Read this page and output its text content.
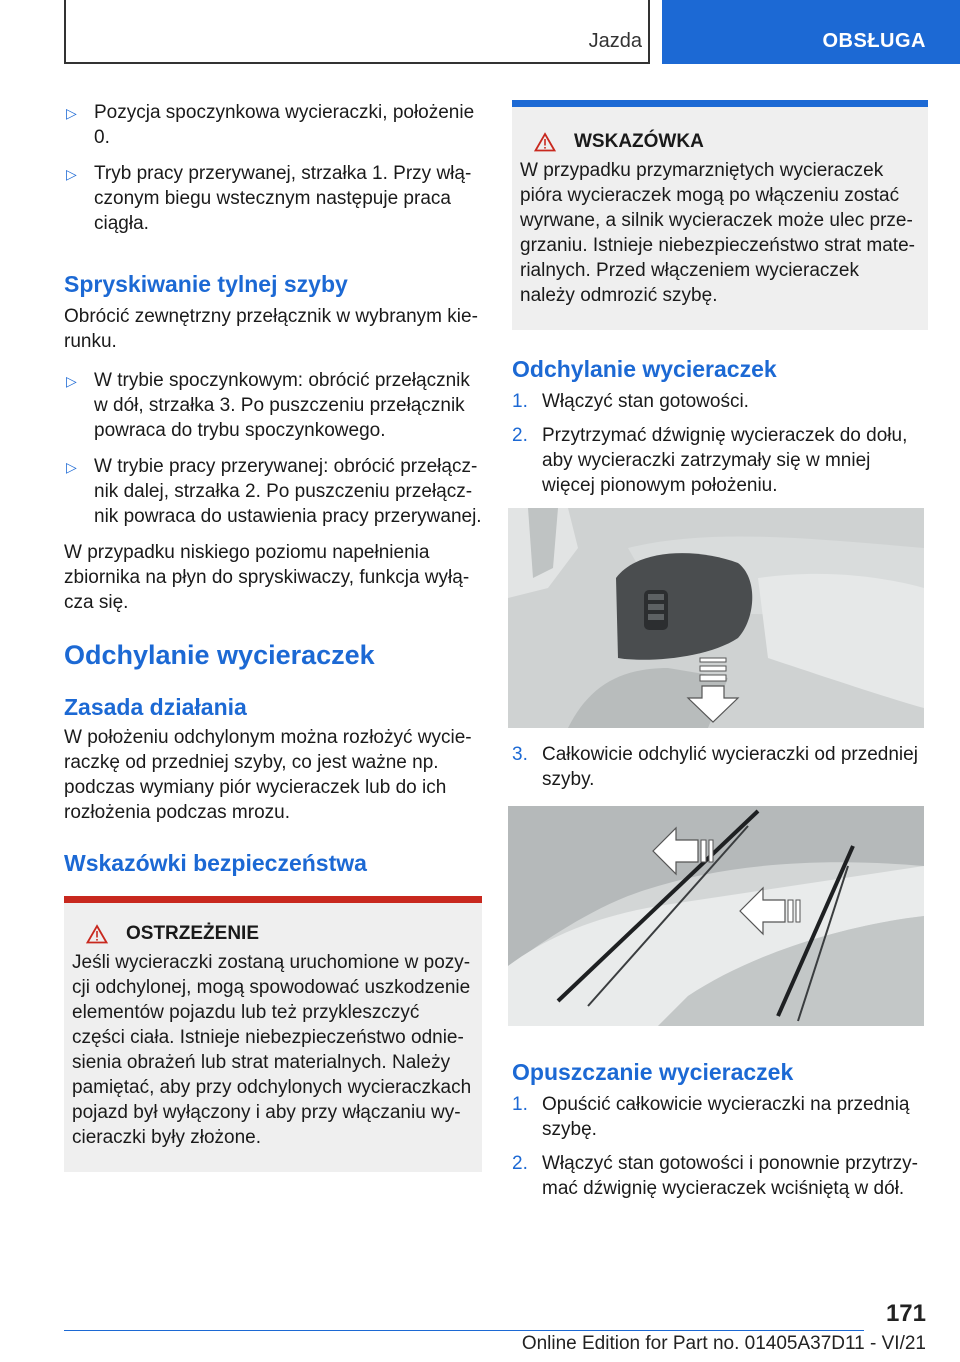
Jazda	OBSŁUGA
▷ Pozycja spoczynkowa wycieraczki, położenie 0.
▷ Tryb pracy przerywanej, strzałka 1. Przy włą‐ czonym biegu wstecznym następuje praca ciągła.
Spryskiwanie tylnej szyby

Obrócić zewnętrzny przełącznik w wybranym kie‐ runku.

▷ W trybie spoczynkowym: obrócić przełącznik w dół, strzałka 3. Po puszczeniu przełącznik powraca do trybu spoczynkowego.
▷ W trybie pracy przerywanej: obrócić przełącz‐ nik dalej, strzałka 2. Po puszczeniu przełącz‐ nik powraca do ustawienia pracy przerywanej.

W przypadku niskiego poziomu napełnienia zbiornika na płyn do spryskiwaczy, funkcja wyłą‐ cza się.

Odchylanie wycieraczek
Zasada działania

W położeniu odchylonym można rozłożyć wycie‐ raczkę od przedniej szyby, co jest ważne np. podczas wymiany piór wycieraczek lub do ich rozłożenia podczas mrozu.

Wskazówki bezpieczeństwa
OSTRZEŻENIE

Jeśli wycieraczki zostaną uruchomione w pozy‐ cji odchylonej, mogą spowodować uszkodzenie elementów pojazdu lub też przykleszczyć części ciała. Istnieje niebezpieczeństwo odnie‐ sienia obrażeń lub strat materialnych. Należy pamiętać, aby przy odchylonych wycieraczkach pojazd był wyłączony i aby przy włączaniu wy‐ cieraczki były złożone.

WSKAZÓWKA

W przypadku przymarzniętych wycieraczek pióra wycieraczek mogą po włączeniu zostać wyrwane, a silnik wycieraczek może ulec prze‐ grzaniu. Istnieje niebezpieczeństwo strat mate‐ rialnych. Przed włączeniem wycieraczek należy odmrozić szybę.

Odchylanie wycieraczek
1. Włączyć stan gotowości.
2. Przytrzymać dźwignię wycieraczek do dołu, aby wycieraczki zatrzymały się w mniej więcej pionowym położeniu.
3. Całkowicie odchylić wycieraczki od przedniej szyby.
Opuszczanie wycieraczek
1. Opuścić całkowicie wycieraczki na przednią szybę.
2. Włączyć stan gotowości i ponownie przytrzy‐ mać dźwignię wycieraczek wciśniętą w dół.
171
Online Edition for Part no. 01405A37D11 - VI/21
